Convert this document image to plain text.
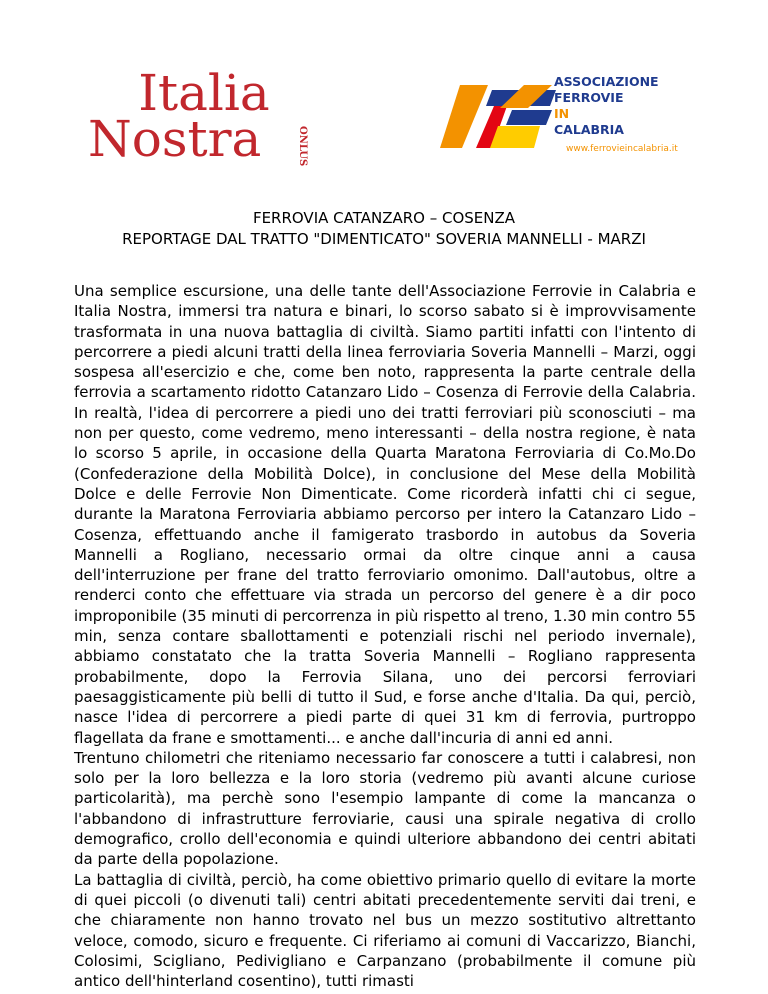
Italia
Nostra	ONLUS
ASSOCIAZIONE
FERROVIE
IN
CALABRIA
www.ferrovieincalabria.it
FERROVIA CATANZARO – COSENZA
REPORTAGE DAL TRATTO "DIMENTICATO" SOVERIA MANNELLI - MARZI

Una semplice escursione, una delle tante dell'Associazione Ferrovie in Calabria e Italia Nostra, immersi tra natura e binari, lo scorso sabato si è improvvisamente trasformata in una nuova battaglia di civiltà. Siamo partiti infatti con l'intento di percorrere a piedi alcuni tratti della linea ferroviaria Soveria Mannelli – Marzi, oggi sospesa all'esercizio e che, come ben noto, rappresenta la parte centrale della ferrovia a scartamento ridotto Catanzaro Lido – Cosenza di Ferrovie della Calabria. In realtà, l'idea di percorrere a piedi uno dei tratti ferroviari più sconosciuti – ma non per questo, come vedremo, meno interessanti – della nostra regione, è nata lo scorso 5 aprile, in occasione della Quarta Maratona Ferroviaria di Co.Mo.Do (Confederazione della Mobilità Dolce), in conclusione del Mese della Mobilità Dolce e delle Ferrovie Non Dimenticate. Come ricorderà infatti chi ci segue, durante la Maratona Ferroviaria abbiamo percorso per intero la Catanzaro Lido – Cosenza, effettuando anche il famigerato trasbordo in autobus da Soveria Mannelli a Rogliano, necessario ormai da oltre cinque anni a causa dell'interruzione per frane del tratto ferroviario omonimo. Dall'autobus, oltre a renderci conto che effettuare via strada un percorso del genere è a dir poco improponibile (35 minuti di percorrenza in più rispetto al treno, 1.30 min contro 55 min, senza contare sballottamenti e potenziali rischi nel periodo invernale), abbiamo constatato che la tratta Soveria Mannelli – Rogliano rappresenta probabilmente, dopo la Ferrovia Silana, uno dei percorsi ferroviari paesaggisticamente più belli di tutto il Sud, e forse anche d'Italia. Da qui, perciò, nasce l'idea di percorrere a piedi parte di quei 31 km di ferrovia, purtroppo flagellata da frane e smottamenti... e anche dall'incuria di anni ed anni.

Trentuno chilometri che riteniamo necessario far conoscere a tutti i calabresi, non solo per la loro bellezza e la loro storia (vedremo più avanti alcune curiose particolarità), ma perchè sono l'esempio lampante di come la mancanza o l'abbandono di infrastrutture ferroviarie, causi una spirale negativa di crollo demografico, crollo dell'economia e quindi ulteriore abbandono dei centri abitati da parte della popolazione.

La battaglia di civiltà, perciò, ha come obiettivo primario quello di evitare la morte di quei piccoli (o divenuti tali) centri abitati precedentemente serviti dai treni, e che chiaramente non hanno trovato nel bus un mezzo sostitutivo altrettanto veloce, comodo, sicuro e frequente. Ci riferiamo ai comuni di Vaccarizzo, Bianchi, Colosimi, Scigliano, Pedivigliano e Carpanzano (probabilmente il comune più antico dell'hinterland cosentino), tutti rimasti
